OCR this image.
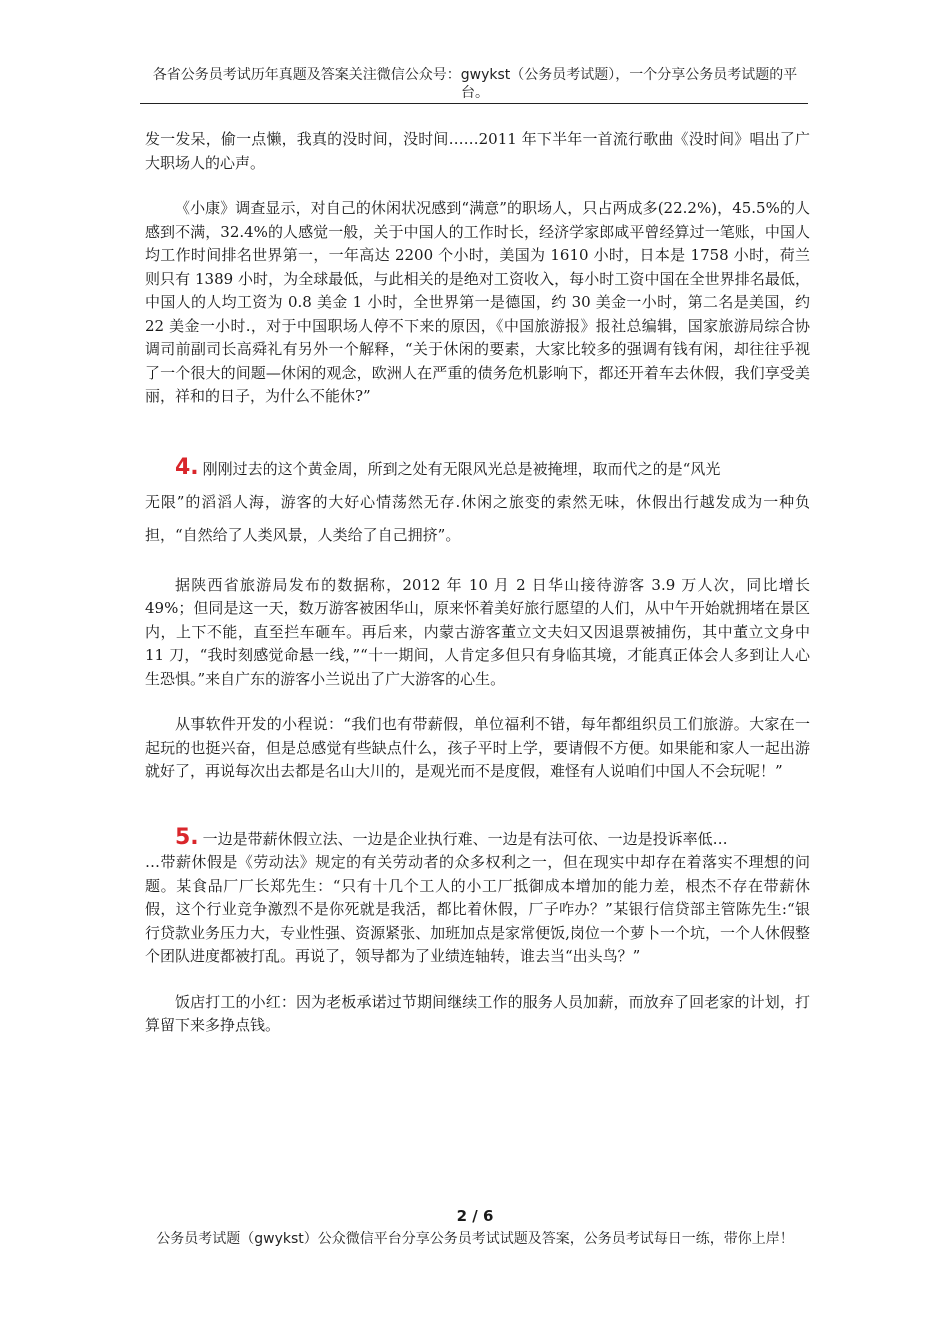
各省公务员考试历年真题及答案关注微信公众号：gwykst（公务员考试题），一个分享公务员考试题的平
台。

发一发呆，偷一点懒，我真的没时间，没时间……2011 年下半年一首流行歌曲《没时间》唱出了广大职场人的心声。

《小康》调查显示，对自己的休闲状况感到“满意”的职场人，只占两成多(22.2%)，45.5%的人感到不满，32.4%的人感觉一般，关于中国人的工作时长，经济学家郎咸平曾经算过一笔账，中国人均工作时间排名世界第一，一年高达 2200 个小时，美国为 1610 小时，日本是 1758 小时，荷兰则只有 1389 小时，为全球最低，与此相关的是绝对工资收入，每小时工资中国在全世界排名最低，中国人的人均工资为 0.8 美金 1 小时，全世界第一是德国，约 30 美金一小时，第二名是美国，约 22 美金一小时.，对于中国职场人停不下来的原因，《中国旅游报》报社总编辑，国家旅游局综合协调司前副司长高舜礼有另外一个解释，“关于休闲的要素，大家比较多的强调有钱有闲，却往往乎视了一个很大的间题—休闲的观念，欧洲人在严重的债务危机影响下，都还开着车去休假，我们享受美丽，祥和的日子，为什么不能休?”

4. 刚刚过去的这个黄金周，所到之处有无限风光总是被掩埋，取而代之的是“风光

无限”的滔滔人海，游客的大好心情荡然无存.休闲之旅变的索然无味，休假出行越发成为一种负担，“自然给了人类风景，人类给了自己拥挤”。

据陕西省旅游局发布的数据称，2012 年 10 月 2 日华山接待游客 3.9 万人次，同比增长 49%；但同是这一天，数万游客被困华山，原来怀着美好旅行愿望的人们，从中午开始就拥堵在景区内，上下不能，直至拦车砸车。再后来，内蒙古游客董立文夫妇又因退票被捕伤，其中董立文身中 11 刀，“我时刻感觉命悬一线，”“十一期间，人肯定多但只有身临其境，才能真正体会人多到让人心生恐惧。”来自广东的游客小兰说出了广大游客的心生。

从事软件开发的小程说：“我们也有带薪假，单位福利不错，每年都组织员工们旅游。大家在一起玩的也挺兴奋，但是总感觉有些缺点什么，孩子平时上学，要请假不方便。如果能和家人一起出游就好了，再说每次出去都是名山大川的，是观光而不是度假，难怪有人说咱们中国人不会玩呢！”

5. 一边是带薪休假立法、一边是企业执行难、一边是有法可依、一边是投诉率低…

…带薪休假是《劳动法》规定的有关劳动者的众多权利之一，但在现实中却存在着落实不理想的问题。某食品厂厂长郑先生：“只有十几个工人的小工厂抵御成本增加的能力差，根杰不存在带薪休假，这个行业竞争激烈不是你死就是我活，都比着休假，厂子咋办？”某银行信贷部主管陈先生:“银行贷款业务压力大，专业性强、资源紧张、加班加点是家常便饭,岗位一个萝卜一个坑，一个人休假整个团队进度都被打乱。再说了，领导都为了业绩连轴转，谁去当“出头鸟？”

饭店打工的小红：因为老板承诺过节期间继续工作的服务人员加薪，而放弃了回老家的计划，打算留下来多挣点钱。

2 / 6
公务员考试题（gwykst）公众微信平台分享公务员考试试题及答案，公务员考试每日一练，带你上岸！
